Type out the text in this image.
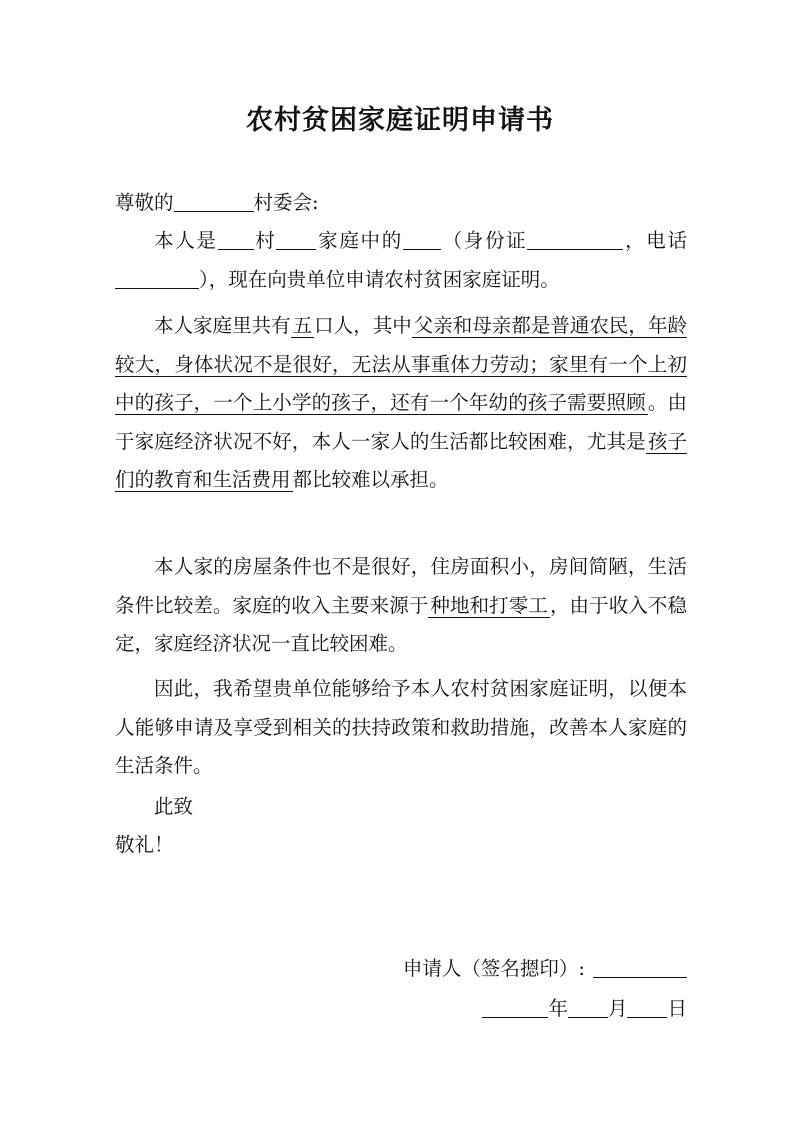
农村贫困家庭证明申请书
尊敬的	村委会:

本人是 村 家庭中的 （身份证	，电话），现在向贵单位申请农村贫困家庭证明。

本人家庭里共有 五 口人，其中 父亲和母亲都是普通农民，年龄较大，身体状况不是很好，无法从事重体力劳动；家里有一个上初中的孩子，一个上小学的孩子，还有一个年幼的孩子需要照顾 。由于家庭经济状况不好，本人一家人的生活都比较困难，尤其是 孩子们的教育和生活费用 都比较难以承担。

本人家的房屋条件也不是很好，住房面积小，房间简陋，生活条件比较差。家庭的收入主要来源于 种地和打零工 ，由于收入不稳定，家庭经济状况一直比较困难。

因此，我希望贵单位能够给予本人农村贫困家庭证明，以便本人能够申请及享受到相关的扶持政策和救助措施，改善本人家庭的生活条件。

此致
敬礼！
申请人（签名摁印）:
年 月 日
